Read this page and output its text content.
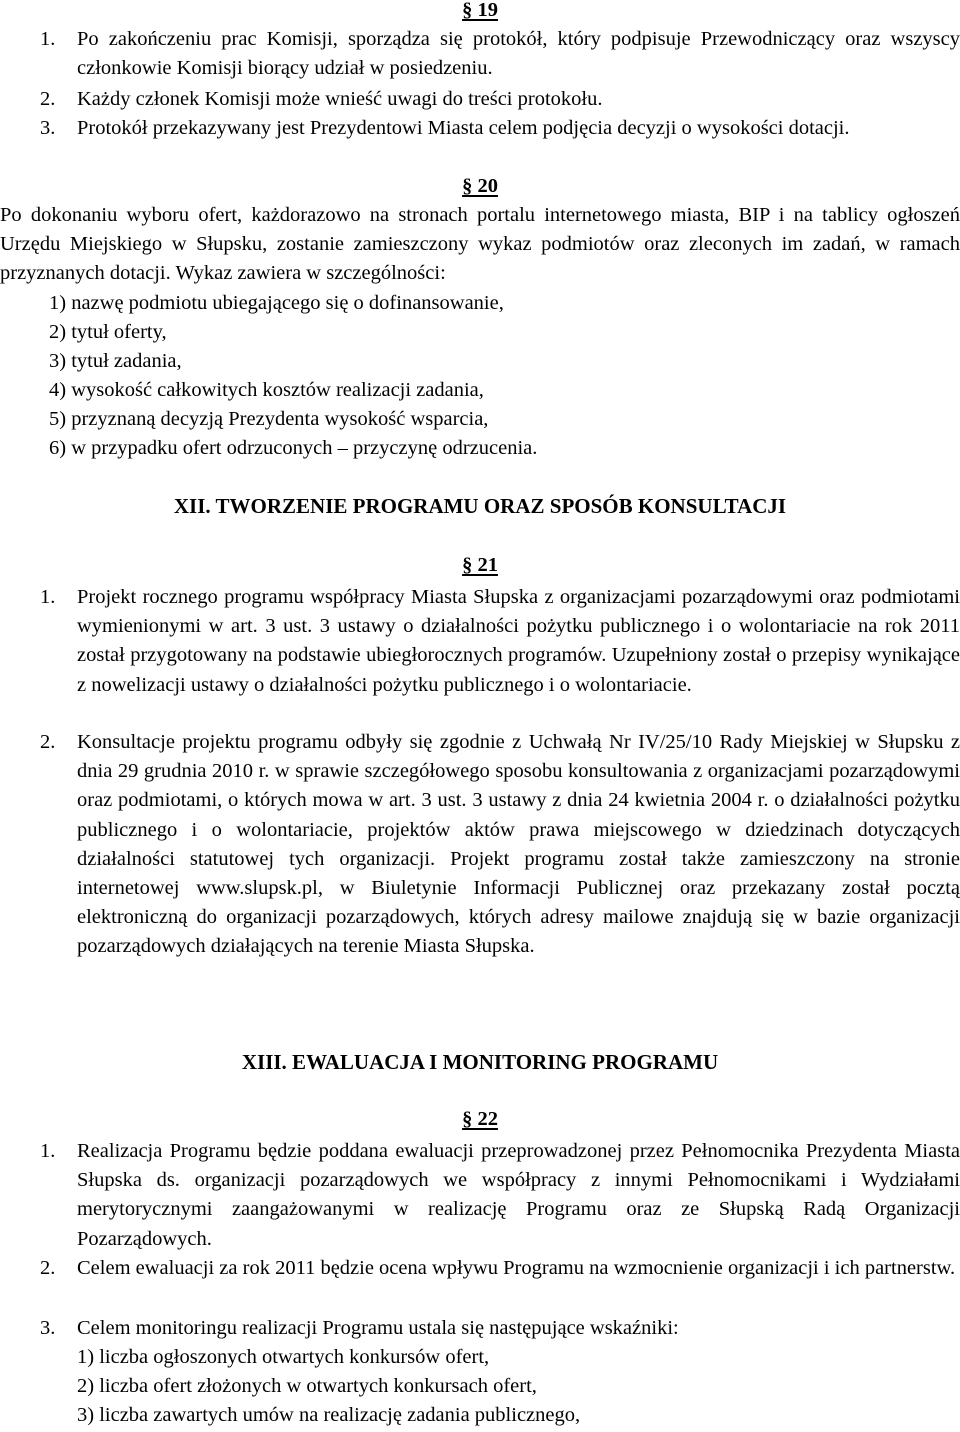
§ 19
1. Po zakończeniu prac Komisji, sporządza się protokół, który podpisuje Przewodniczący oraz wszyscy członkowie Komisji biorący udział w posiedzeniu.
2. Każdy członek Komisji może wnieść uwagi do treści protokołu.
3. Protokół przekazywany jest Prezydentowi Miasta celem podjęcia decyzji o wysokości dotacji.
§ 20
Po dokonaniu wyboru ofert, każdorazowo na stronach portalu internetowego miasta, BIP i na tablicy ogłoszeń Urzędu Miejskiego w Słupsku, zostanie zamieszczony wykaz podmiotów oraz zleconych im zadań, w ramach przyznanych dotacji. Wykaz zawiera w szczególności:
1) nazwę podmiotu ubiegającego się o dofinansowanie,
2) tytuł oferty,
3) tytuł zadania,
4) wysokość całkowitych kosztów realizacji zadania,
5) przyznaną decyzją Prezydenta wysokość wsparcia,
6) w przypadku ofert odrzuconych – przyczynę odrzucenia.
XII. TWORZENIE PROGRAMU ORAZ SPOSÓB KONSULTACJI
§ 21
1. Projekt rocznego programu współpracy Miasta Słupska z organizacjami pozarządowymi oraz podmiotami wymienionymi w art. 3 ust. 3 ustawy o działalności pożytku publicznego i o wolontariacie na rok 2011 został przygotowany na podstawie ubiegłorocznych programów. Uzupełniony został o przepisy wynikające z nowelizacji ustawy o działalności pożytku publicznego i o wolontariacie.
2. Konsultacje projektu programu odbyły się zgodnie z Uchwałą Nr IV/25/10 Rady Miejskiej w Słupsku z dnia 29 grudnia 2010 r. w sprawie szczegółowego sposobu konsultowania z organizacjami pozarządowymi oraz podmiotami, o których mowa w art. 3 ust. 3 ustawy z dnia 24 kwietnia 2004 r. o działalności pożytku publicznego i o wolontariacie, projektów aktów prawa miejscowego w dziedzinach dotyczących działalności statutowej tych organizacji. Projekt programu został także zamieszczony na stronie internetowej www.slupsk.pl, w Biuletynie Informacji Publicznej oraz przekazany został pocztą elektroniczną do organizacji pozarządowych, których adresy mailowe znajdują się w bazie organizacji pozarządowych działających na terenie Miasta Słupska.
XIII. EWALUACJA I MONITORING PROGRAMU
§ 22
1. Realizacja Programu będzie poddana ewaluacji przeprowadzonej przez Pełnomocnika Prezydenta Miasta Słupska ds. organizacji pozarządowych we współpracy z innymi Pełnomocnikami i Wydziałami merytorycznymi zaangażowanymi w realizację Programu oraz ze Słupską Radą Organizacji Pozarządowych.
2. Celem ewaluacji za rok 2011 będzie ocena wpływu Programu na wzmocnienie organizacji i ich partnerstw.
3. Celem monitoringu realizacji Programu ustala się następujące wskaźniki:
1) liczba ogłoszonych otwartych konkursów ofert,
2) liczba ofert złożonych w otwartych konkursach ofert,
3) liczba zawartych umów na realizację zadania publicznego,
